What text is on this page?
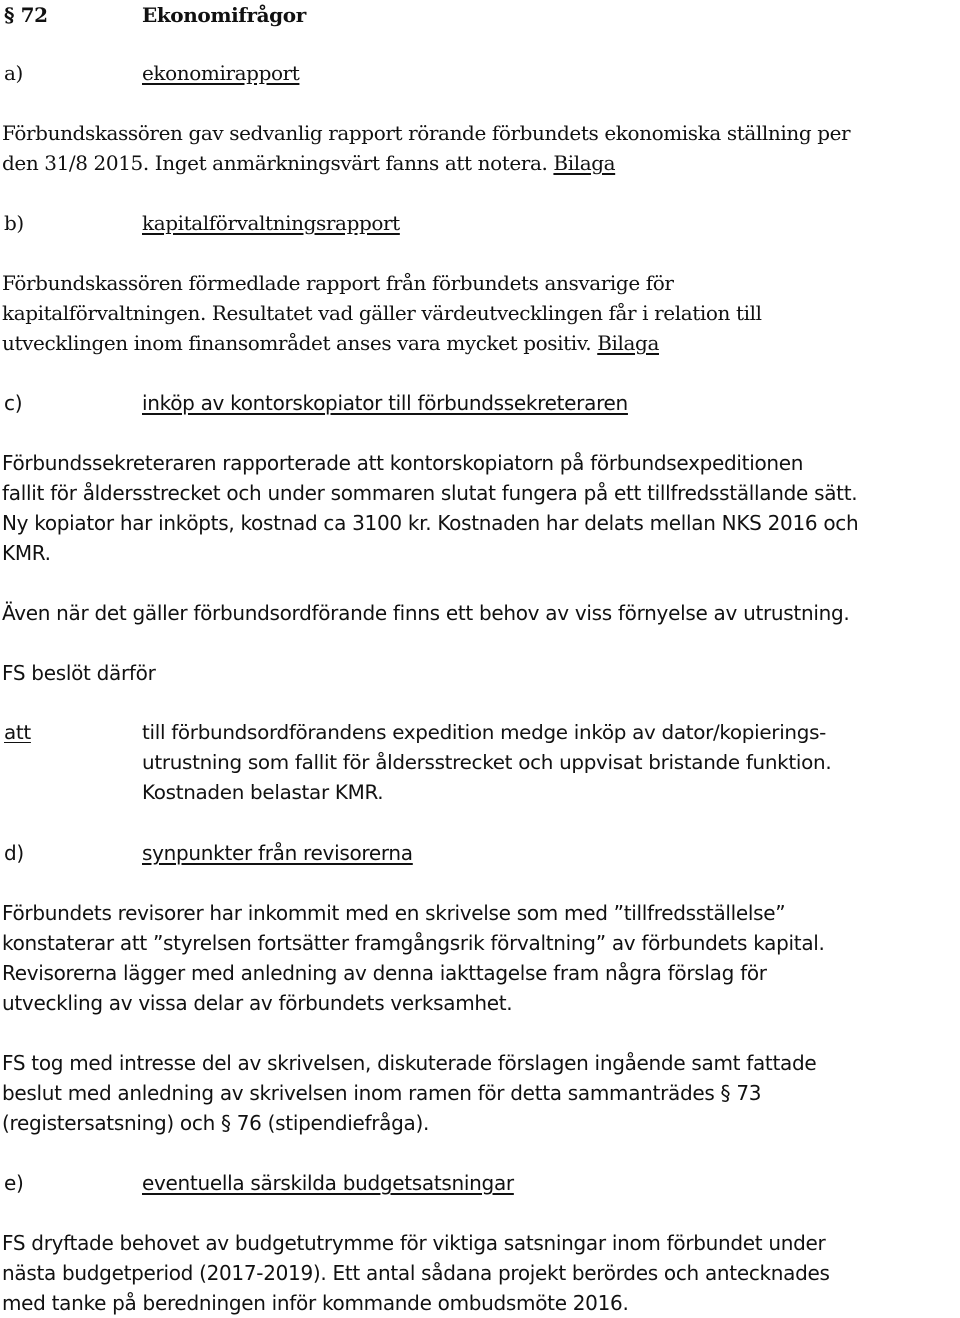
§ 72	Ekonomifrågor
a)	ekonomirapport
Förbundskassören gav sedvanlig rapport rörande förbundets ekonomiska ställning per
den 31/8 2015. Inget anmärkningsvärt fanns att notera. Bilaga
b)	kapitalförvaltningsrapport
Förbundskassören förmedlade rapport från förbundets ansvarige för
kapitalförvaltningen. Resultatet vad gäller värdeutvecklingen får i relation till
utvecklingen inom finansområdet anses vara mycket positiv. Bilaga
c)	inköp av kontorskopiator till förbundssekreteraren
Förbundssekreteraren rapporterade att kontorskopiatorn på förbundsexpeditionen
fallit för åldersstrecket och under sommaren slutat fungera på ett tillfredsställande sätt.
Ny kopiator har inköpts, kostnad ca 3100 kr. Kostnaden har delats mellan NKS 2016 och
KMR.
Även när det gäller förbundsordförande finns ett behov av viss förnyelse av utrustning.
FS beslöt därför
att	till förbundsordförandens expedition medge inköp av dator/kopierings-
utrustning som fallit för åldersstrecket och uppvisat bristande funktion.
Kostnaden belastar KMR.
d)	synpunkter från revisorerna
Förbundets revisorer har inkommit med en skrivelse som med ”tillfredsställelse”
konstaterar att ”styrelsen fortsätter framgångsrik förvaltning” av förbundets kapital.
Revisorerna lägger med anledning av denna iakttagelse fram några förslag för
utveckling av vissa delar av förbundets verksamhet.
FS tog med intresse del av skrivelsen, diskuterade förslagen ingående samt fattade
beslut med anledning av skrivelsen inom ramen för detta sammanträdes § 73
(registersatsning) och § 76 (stipendiefråga).
e)	eventuella särskilda budgetsatsningar
FS dryftade behovet av budgetutrymme för viktiga satsningar inom förbundet under
nästa budgetperiod (2017-2019). Ett antal sådana projekt berördes och antecknades
med tanke på beredningen inför kommande ombudsmöte 2016.
